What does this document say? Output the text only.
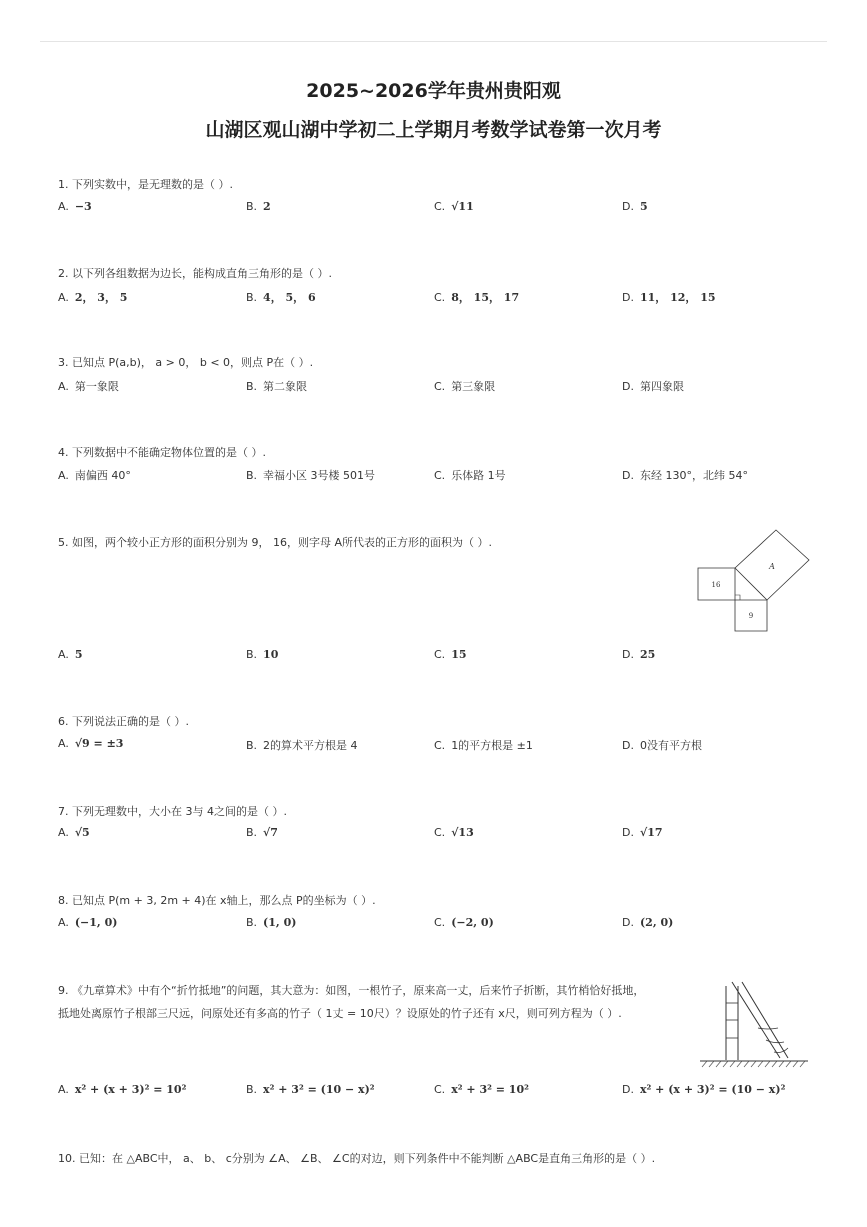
2025~2026学年贵州贵阳观
山湖区观山湖中学初二上学期月考数学试卷第一次月考
1. 下列实数中，是无理数的是（ ）.
A. −3	B. 2	C. √11	D. 5
2. 以下列各组数据为边长，能构成直角三角形的是（ ）.
A. 2， 3， 5	B. 4， 5， 6	C. 8， 15， 17	D. 11， 12， 15
3. 已知点 P(a,b)， a > 0， b < 0，则点 P在（ ）.
A. 第一象限	B. 第二象限	C. 第三象限	D. 第四象限
4. 下列数据中不能确定物体位置的是（ ）.
A. 南偏西 40°	B. 幸福小区 3号楼 501号	C. 乐体路 1号	D. 东经 130°，北纬 54°
5. 如图，两个较小正方形的面积分别为 9， 16，则字母 A所代表的正方形的面积为（ ）.
16
9
A
A. 5	B. 10	C. 15	D. 25
6. 下列说法正确的是（ ）.
A. √9 = ±3	B. 2的算术平方根是 4	C. 1的平方根是 ±1	D. 0没有平方根
7. 下列无理数中，大小在 3与 4之间的是（ ）.
A. √5	B. √7	C. √13	D. √17
8. 已知点 P(m + 3, 2m + 4)在 x轴上，那么点 P的坐标为（ ）.
A. (−1, 0)	B. (1, 0)	C. (−2, 0)	D. (2, 0)
9. 《九章算术》中有个“折竹抵地”的问题，其大意为：如图，一根竹子，原来高一丈，后来竹子折断，其竹梢恰好抵地，
抵地处离原竹子根部三尺远，问原处还有多高的竹子（ 1丈 = 10尺）？设原处的竹子还有 x尺，则可列方程为（ ）.
A. x² + (x + 3)² = 10²	B. x² + 3² = (10 − x)²	C. x² + 3² = 10²	D. x² + (x + 3)² = (10 − x)²
10. 已知：在 △ABC中， a、 b、 c分别为 ∠A、 ∠B、 ∠C的对边，则下列条件中不能判断 △ABC是直角三角形的是（ ）.
